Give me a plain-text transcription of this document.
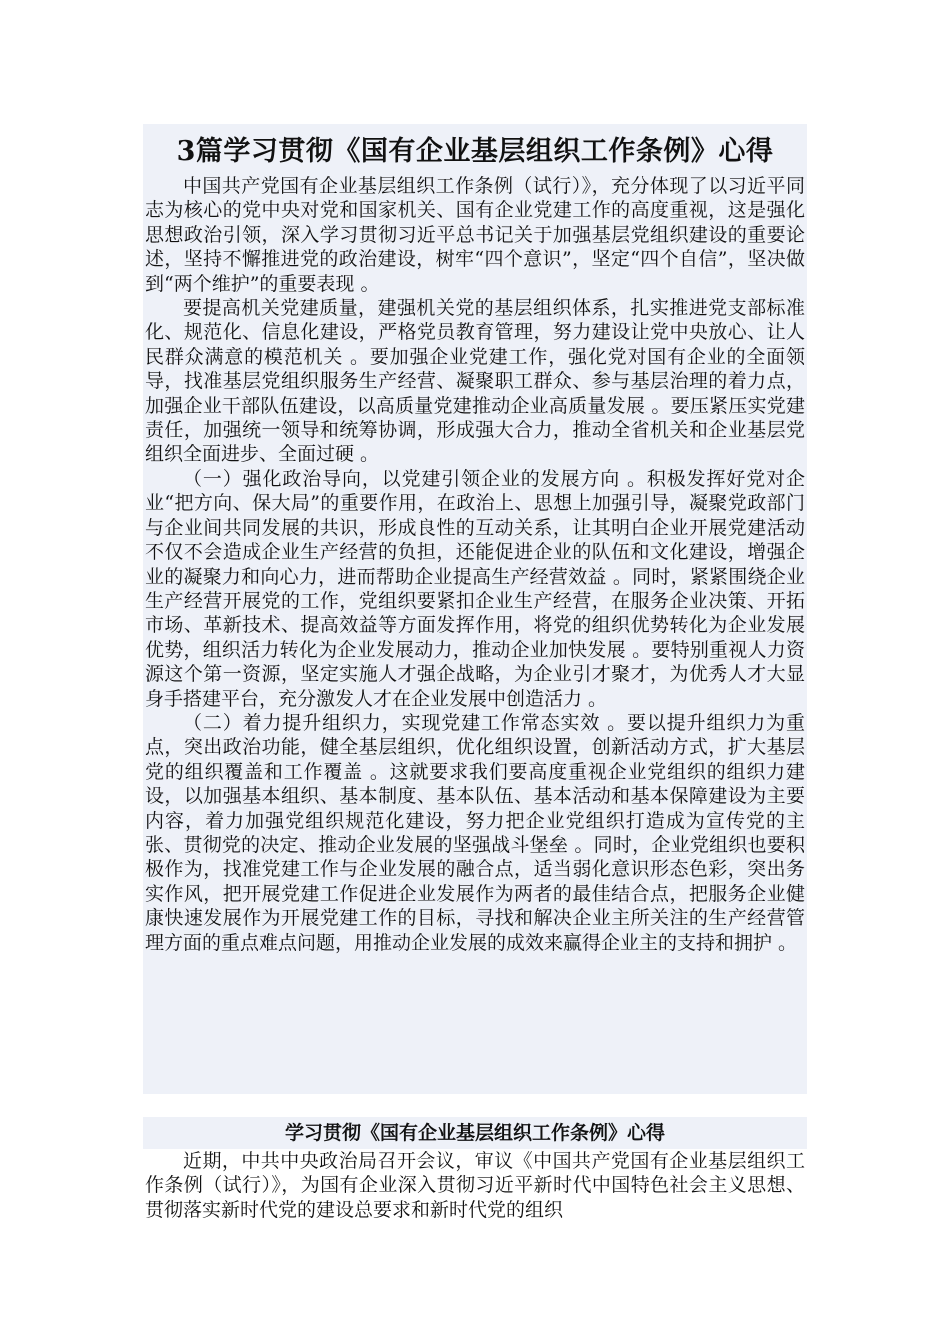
3篇学习贯彻《国有企业基层组织工作条例》心得

中国共产党国有企业基层组织工作条例（试行）》，充分体现了以习近平同志为核心的党中央对党和国家机关、国有企业党建工作的高度重视，这是强化思想政治引领，深入学习贯彻习近平总书记关于加强基层党组织建设的重要论述，坚持不懈推进党的政治建设，树牢“四个意识”，坚定“四个自信”，坚决做到“两个维护”的重要表现 。

要提高机关党建质量，建强机关党的基层组织体系，扎实推进党支部标准化、规范化、信息化建设，严格党员教育管理，努力建设让党中央放心、让人民群众满意的模范机关 。要加强企业党建工作，强化党对国有企业的全面领导，找准基层党组织服务生产经营、凝聚职工群众、参与基层治理的着力点，加强企业干部队伍建设，以高质量党建推动企业高质量发展 。要压紧压实党建责任，加强统一领导和统筹协调，形成强大合力，推动全省机关和企业基层党组织全面进步、全面过硬 。

（一）强化政治导向，以党建引领企业的发展方向 。积极发挥好党对企业“把方向、保大局”的重要作用，在政治上、思想上加强引导，凝聚党政部门与企业间共同发展的共识，形成良性的互动关系，让其明白企业开展党建活动不仅不会造成企业生产经营的负担，还能促进企业的队伍和文化建设，增强企业的凝聚力和向心力，进而帮助企业提高生产经营效益 。同时，紧紧围绕企业生产经营开展党的工作，党组织要紧扣企业生产经营，在服务企业决策、开拓市场、革新技术、提高效益等方面发挥作用，将党的组织优势转化为企业发展优势，组织活力转化为企业发展动力，推动企业加快发展 。要特别重视人力资源这个第一资源，坚定实施人才强企战略，为企业引才聚才，为优秀人才大显身手搭建平台，充分激发人才在企业发展中创造活力 。

（二）着力提升组织力，实现党建工作常态实效 。要以提升组织力为重点，突出政治功能，健全基层组织，优化组织设置，创新活动方式，扩大基层党的组织覆盖和工作覆盖 。这就要求我们要高度重视企业党组织的组织力建设，以加强基本组织、基本制度、基本队伍、基本活动和基本保障建设为主要内容，着力加强党组织规范化建设，努力把企业党组织打造成为宣传党的主张、贯彻党的决定、推动企业发展的坚强战斗堡垒 。同时，企业党组织也要积极作为，找准党建工作与企业发展的融合点，适当弱化意识形态色彩，突出务实作风，把开展党建工作促进企业发展作为两者的最佳结合点，把服务企业健康快速发展作为开展党建工作的目标，寻找和解决企业主所关注的生产经营管理方面的重点难点问题，用推动企业发展的成效来赢得企业主的支持和拥护 。

学习贯彻《国有企业基层组织工作条例》心得

近期，中共中央政治局召开会议，审议《中国共产党国有企业基层组织工作条例（试行）》，为国有企业深入贯彻习近平新时代中国特色社会主义思想、贯彻落实新时代党的建设总要求和新时代党的组织
